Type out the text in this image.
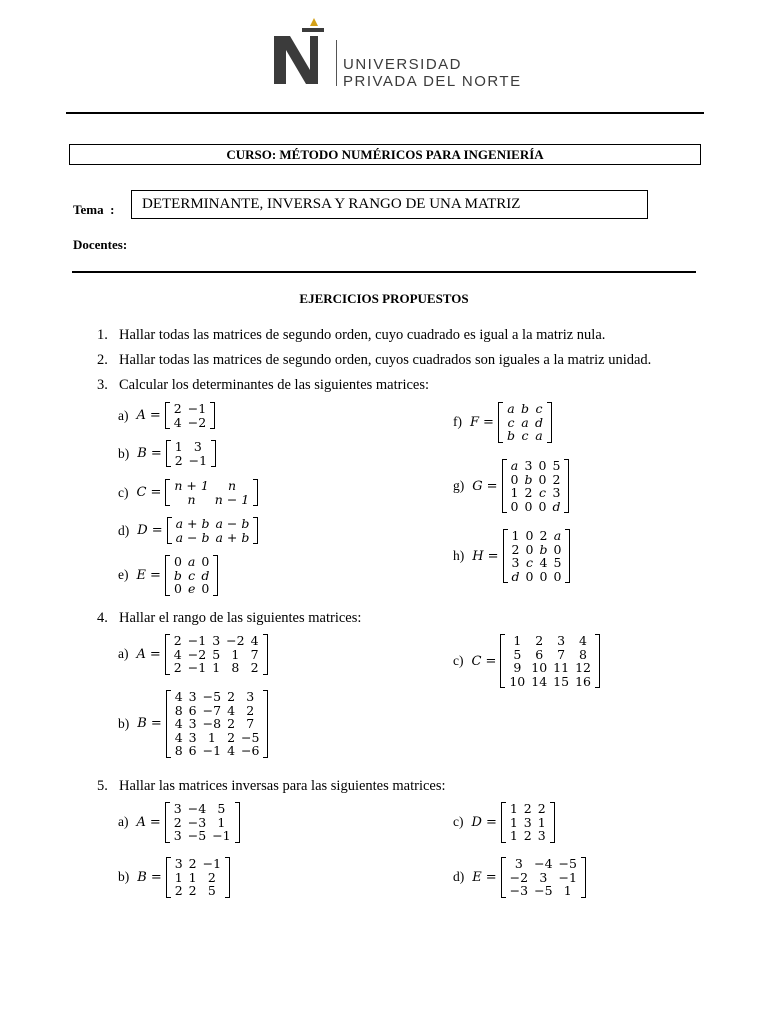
UNIVERSIDAD
PRIVADA DEL NORTE
CURSO: MÉTODO NUMÉRICOS PARA INGENIERÍA
Tema  :	DETERMINANTE, INVERSA Y RANGO DE UNA MATRIZ
Docentes:
EJERCICIOS PROPUESTOS
1. Hallar todas las matrices de segundo orden, cuyo cuadrado es igual a la matriz nula.
2. Hallar todas las matrices de segundo orden, cuyos cuadrados son iguales a la matriz unidad.
3. Calcular los determinantes de las siguientes matrices:
4. Hallar el rango de las siguientes matrices:
5. Hallar las matrices inversas para las siguientes matrices:
a) A = 2	−1
4	−2
b) B = 1	3
2	−1
c) C = n + 1	n
n	n − 1
d) D = a + b	a − b
a − b	a + b
e) E =
0	a	0
b	c	d
0	e	0
f) F =
a	b	c
c	a	d
b	c	a
g) G =
a	3	0	5
0	b	0	2
1	2	c	3
0	0	0	d
h) H =
1	0	2	a
2	0	b	0
3	c	4	5
d	0	0	0
a) A =
2	−1	3	−2	4
4	−2	5	1	7
2	−1	1	8	2
b) B =
4	3	−5	2	3
8	6	−7	4	2
4	3	−8	2	7
4	3	1	2	−5
8	6	−1	4	−6
c) C =
1	2	3	4
5	6	7	8
9	10	11	12
10	14	15	16
a) A =
3	−4	5
2	−3	1
3	−5	−1
b) B =
3	2	−1
1	1	2
2	2	5
c) D =
1	2	2
1	3	1
1	2	3
d) E =
3	−4	−5
−2	3	−1
−3	−5	1
